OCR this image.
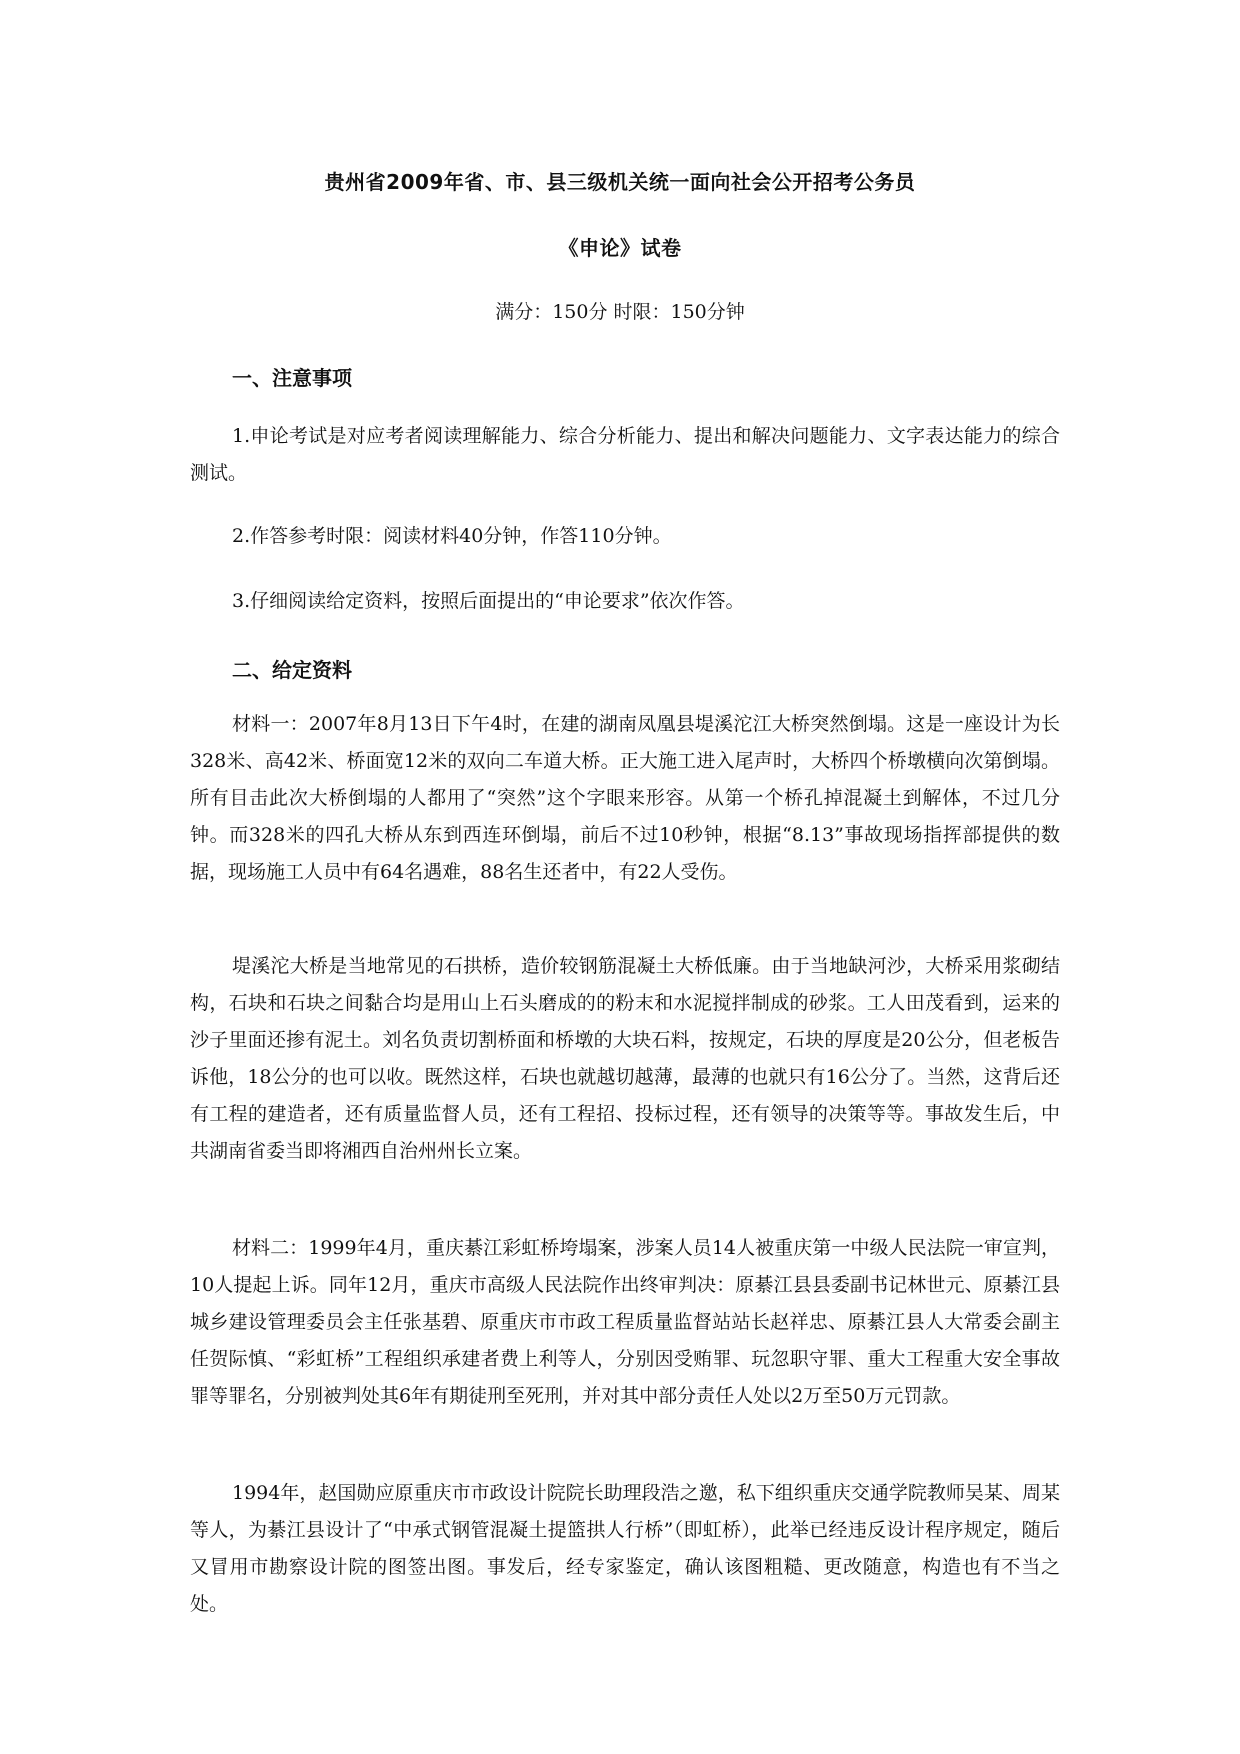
贵州省2009年省、市、县三级机关统一面向社会公开招考公务员
《申论》试卷
满分：150分 时限：150分钟
一、注意事项

1.申论考试是对应考者阅读理解能力、综合分析能力、提出和解决问题能力、文字表达能力的综合测试。

2.作答参考时限：阅读材料40分钟，作答110分钟。

3.仔细阅读给定资料，按照后面提出的“申论要求”依次作答。

二、给定资料

材料一：2007年8月13日下午4时，在建的湖南凤凰县堤溪沱江大桥突然倒塌。这是一座设计为长328米、高42米、桥面宽12米的双向二车道大桥。正大施工进入尾声时，大桥四个桥墩横向次第倒塌。所有目击此次大桥倒塌的人都用了“突然”这个字眼来形容。从第一个桥孔掉混凝土到解体，不过几分钟。而328米的四孔大桥从东到西连环倒塌，前后不过10秒钟，根据“8.13”事故现场指挥部提供的数据，现场施工人员中有64名遇难，88名生还者中，有22人受伤。

堤溪沱大桥是当地常见的石拱桥，造价较钢筋混凝土大桥低廉。由于当地缺河沙，大桥采用浆砌结构，石块和石块之间黏合均是用山上石头磨成的的粉末和水泥搅拌制成的砂浆。工人田茂看到，运来的沙子里面还掺有泥土。刘名负责切割桥面和桥墩的大块石料，按规定，石块的厚度是20公分，但老板告诉他，18公分的也可以收。既然这样，石块也就越切越薄，最薄的也就只有16公分了。当然，这背后还有工程的建造者，还有质量监督人员，还有工程招、投标过程，还有领导的决策等等。事故发生后，中共湖南省委当即将湘西自治州州长立案。

材料二：1999年4月，重庆綦江彩虹桥垮塌案，涉案人员14人被重庆第一中级人民法院一审宣判，10人提起上诉。同年12月，重庆市高级人民法院作出终审判决：原綦江县县委副书记林世元、原綦江县城乡建设管理委员会主任张基碧、原重庆市市政工程质量监督站站长赵祥忠、原綦江县人大常委会副主任贺际慎、“彩虹桥”工程组织承建者费上利等人，分别因受贿罪、玩忽职守罪、重大工程重大安全事故罪等罪名，分别被判处其6年有期徒刑至死刑，并对其中部分责任人处以2万至50万元罚款。

1994年，赵国勋应原重庆市市政设计院院长助理段浩之邀，私下组织重庆交通学院教师吴某、周某等人，为綦江县设计了“中承式钢管混凝土提篮拱人行桥”（即虹桥），此举已经违反设计程序规定，随后又冒用市勘察设计院的图签出图。事发后，经专家鉴定，确认该图粗糙、更改随意，构造也有不当之处。
